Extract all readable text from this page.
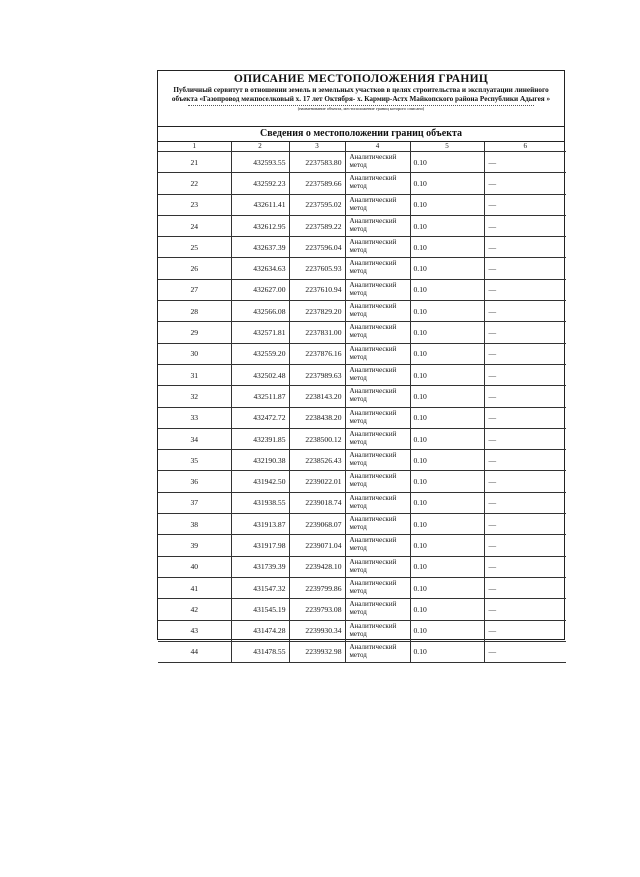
ОПИСАНИЕ МЕСТОПОЛОЖЕНИЯ ГРАНИЦ
Публичный сервитут в отношении земель и земельных участков в целях строительства и эксплуатации линейного объекта «Газопровод межпоселковый х. 17 лет Октября- х. Кармир-Астх Майкопского района Республики Адыгея »
(наименование объекта, местоположение границ которого описано)
Сведения о местоположении границ объекта
1	2	3	4	5	6
21	432593.55	2237583.80	Аналитический метод	0.10	—
22	432592.23	2237589.66	Аналитический метод	0.10	—
23	432611.41	2237595.02	Аналитический метод	0.10	—
24	432612.95	2237589.22	Аналитический метод	0.10	—
25	432637.39	2237596.04	Аналитический метод	0.10	—
26	432634.63	2237605.93	Аналитический метод	0.10	—
27	432627.00	2237610.94	Аналитический метод	0.10	—
28	432566.08	2237829.20	Аналитический метод	0.10	—
29	432571.81	2237831.00	Аналитический метод	0.10	—
30	432559.20	2237876.16	Аналитический метод	0.10	—
31	432502.48	2237989.63	Аналитический метод	0.10	—
32	432511.87	2238143.20	Аналитический метод	0.10	—
33	432472.72	2238438.20	Аналитический метод	0.10	—
34	432391.85	2238500.12	Аналитический метод	0.10	—
35	432190.38	2238526.43	Аналитический метод	0.10	—
36	431942.50	2239022.01	Аналитический метод	0.10	—
37	431938.55	2239018.74	Аналитический метод	0.10	—
38	431913.87	2239068.07	Аналитический метод	0.10	—
39	431917.98	2239071.04	Аналитический метод	0.10	—
40	431739.39	2239428.10	Аналитический метод	0.10	—
41	431547.32	2239799.86	Аналитический метод	0.10	—
42	431545.19	2239793.08	Аналитический метод	0.10	—
43	431474.28	2239930.34	Аналитический метод	0.10	—
44	431478.55	2239932.98	Аналитический метод	0.10	—
